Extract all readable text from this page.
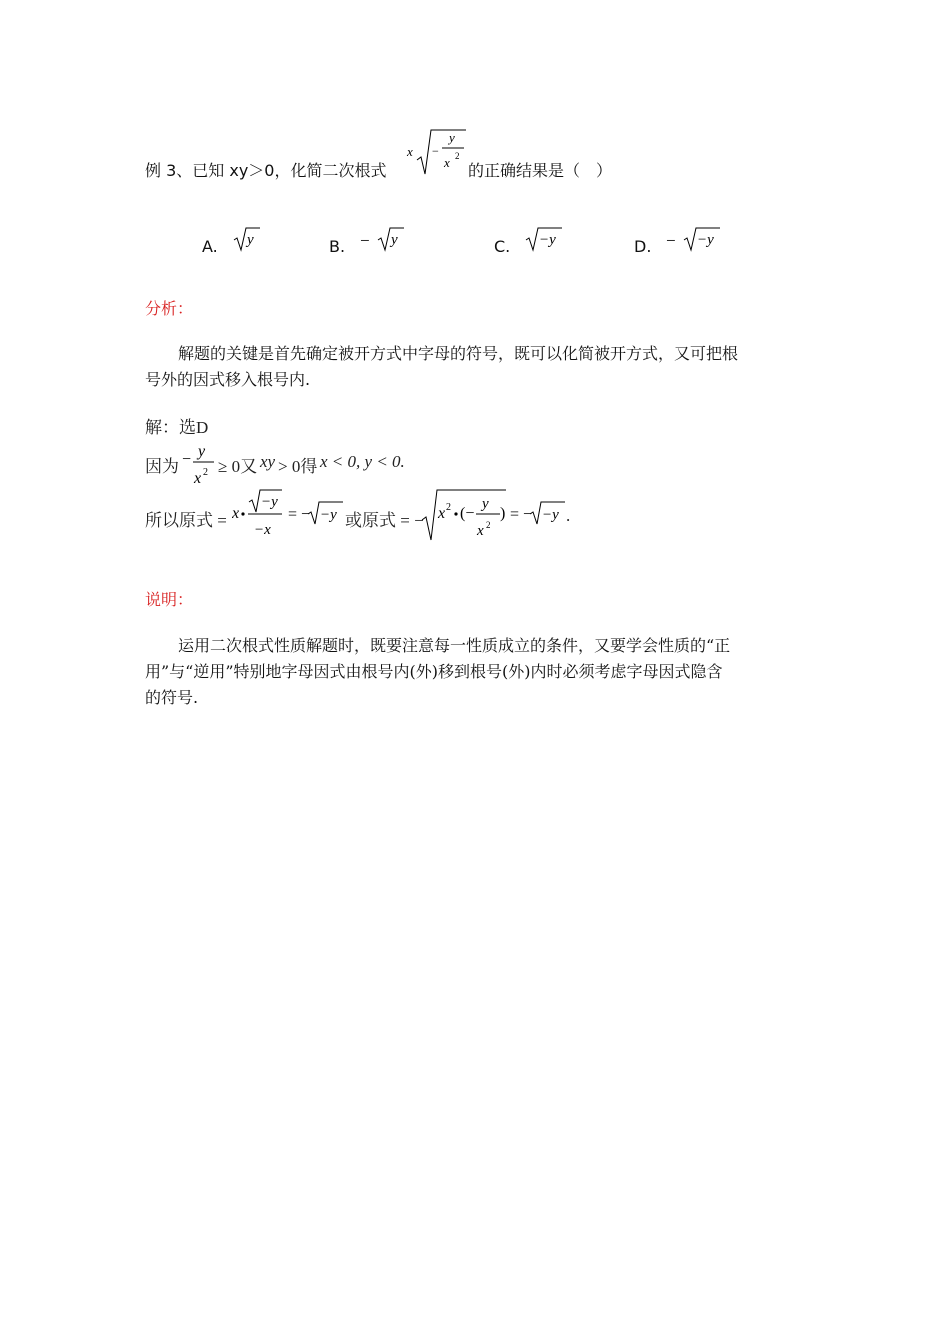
例 3、已知 xy＞0，化简二次根式
x −
y
x 2
的正确结果是（　）
A. y	B. − y	C. −y	D. − −y
分析：
解题的关键是首先确定被开方式中字母的符号，既可以化简被开方式，又可把根
号外的因式移入根号内.
解：选D
因为 − y
x 2 ≥ 0又 xy > 0得 x < 0, y < 0.
所以原式 = x
−y
−x
= − −y 或原式 = − x 2 (−
y
x 2
) = − −y .
说明：
运用二次根式性质解题时，既要注意每一性质成立的条件，又要学会性质的“正
用”与“逆用”特别地字母因式由根号内(外)移到根号(外)内时必须考虑字母因式隐含
的符号.
